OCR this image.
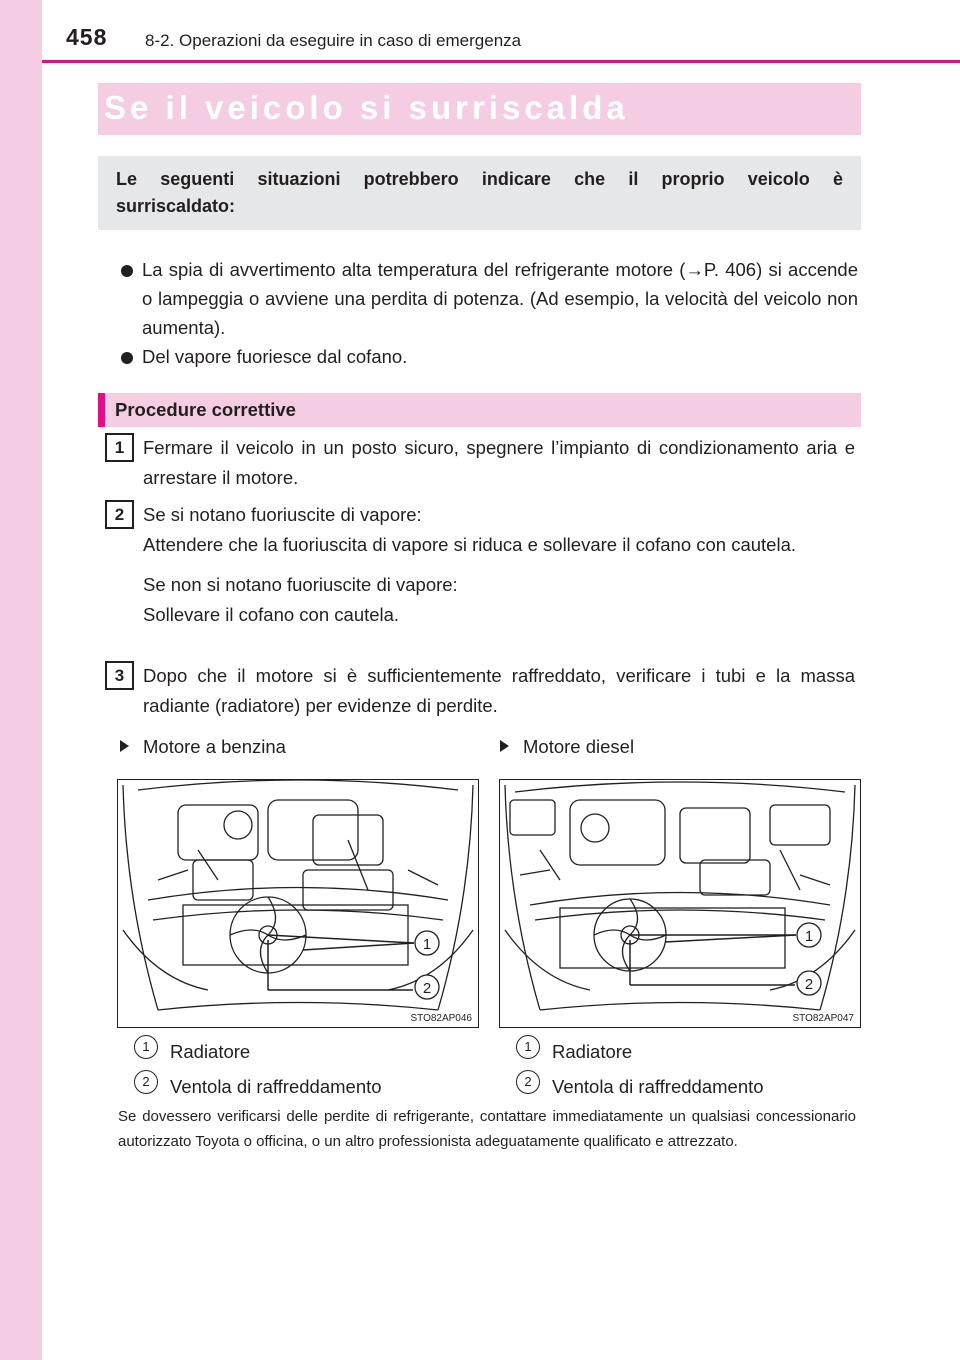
458 8-2. Operazioni da eseguire in caso di emergenza
Se il veicolo si surriscalda

Le seguenti situazioni potrebbero indicare che il proprio veicolo è surriscaldato:

La spia di avvertimento alta temperatura del refrigerante motore (→P. 406) si accende o lampeggia o avviene una perdita di potenza. (Ad esempio, la velocità del veicolo non aumenta).
Del vapore fuoriesce dal cofano.
Procedure correttive
1	Fermare il veicolo in un posto sicuro, spegnere l’impianto di condizionamento aria e arrestare il motore.

2	Se si notano fuoriuscite di vapore:

Attendere che la fuoriuscita di vapore si riduca e sollevare il cofano con cautela.

Se non si notano fuoriuscite di vapore:

Sollevare il cofano con cautela.

3	Dopo che il motore si è sufficientemente raffreddato, verificare i tubi e la massa radiante (radiatore) per evidenze di perdite.

Motore a benzina	Motore diesel
1
2
STO82AP046
1
2
STO82AP047
1	Radiatore
2	Ventola di raffreddamento
1	Radiatore
2	Ventola di raffreddamento
Se dovessero verificarsi delle perdite di refrigerante, contattare immediatamente un qualsiasi concessionario autorizzato Toyota o officina, o un altro professionista adeguatamente qualificato e attrezzato.
